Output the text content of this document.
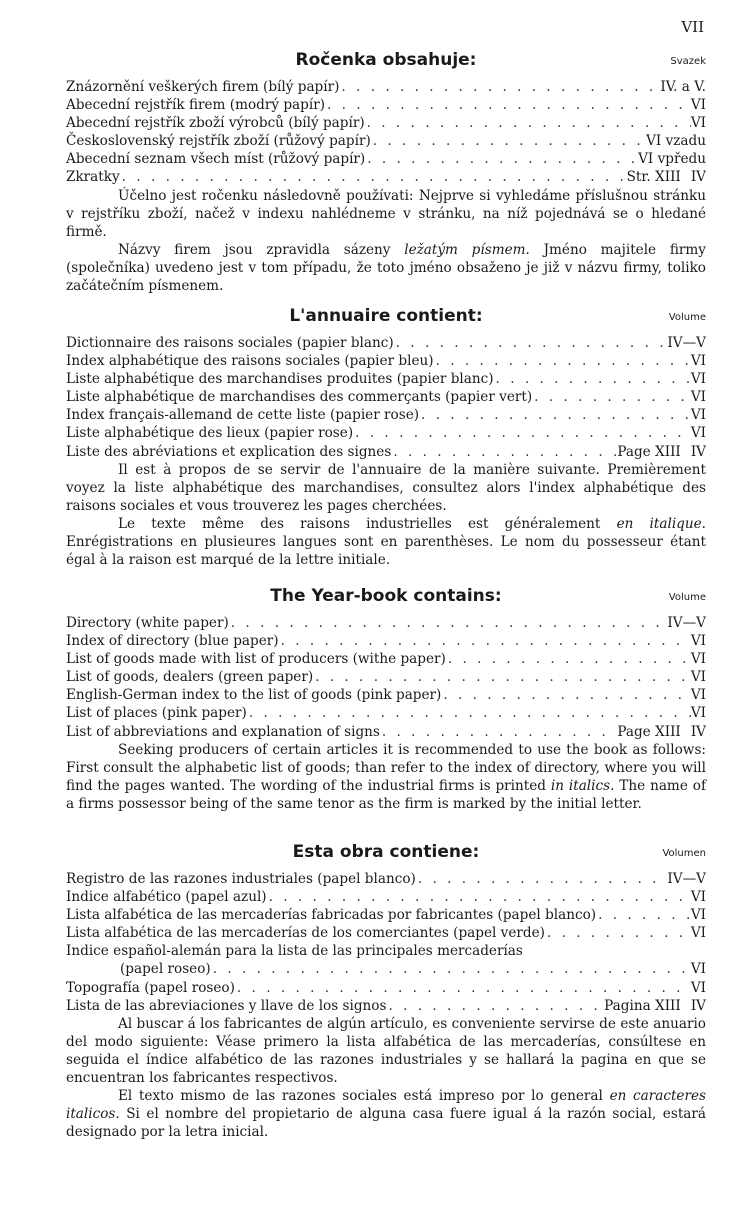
VII
Ročenka obsahuje:	Svazek
Znázornění veškerých firem (bílý papír) . . .	IV. a V.
Abecední rejstřík firem (modrý papír) . . .	VI
Abecední rejstřík zboží výrobců (bílý papír) . . .	VI
Československý rejstřík zboží (růžový papír) . . .	VI vzadu
Abecední seznam všech míst (růžový papír) . . .	VI vpředu
Zkratky . . .	Str. XIII IV

Účelno jest ročenku následovně používati: Nejprve si vyhledáme příslušnou stránku v rejstříku zboží, načež v indexu nahlédneme v stránku, na níž pojednává se o hledané firmě.

Názvy firem jsou zpravidla sázeny ležatým písmem. Jméno majitele firmy (společníka) uvedeno jest v tom případu, že toto jméno obsaženo je již v názvu firmy, toliko začátečním písmenem.

L'annuaire contient:	Volume
Dictionnaire des raisons sociales (papier blanc) . . .	IV—V
Index alphabétique des raisons sociales (papier bleu) . . .	VI
Liste alphabétique des marchandises produites (papier blanc) . . .	VI
Liste alphabétique de marchandises des commerçants (papier vert) . . .	VI
Index français-allemand de cette liste (papier rose) . . .	VI
Liste alphabétique des lieux (papier rose) . . .	VI
Liste des abréviations et explication des signes . . .	Page XIII IV

Il est à propos de se servir de l'annuaire de la manière suivante. Premièrement voyez la liste alphabétique des marchandises, consultez alors l'index alphabétique des raisons sociales et vous trouverez les pages cherchées.

Le texte même des raisons industrielles est généralement en italique. Enrégistrations en plusieures langues sont en parenthèses. Le nom du possesseur étant égal à la raison est marqué de la lettre initiale.

The Year-book contains:	Volume
Directory (white paper) . . .	IV—V
Index of directory (blue paper) . . .	VI
List of goods made with list of producers (withe paper) . . .	VI
List of goods, dealers (green paper) . . .	VI
English-German index to the list of goods (pink paper) . . .	VI
List of places (pink paper) . . .	VI
List of abbreviations and explanation of signs . . .	Page XIII IV

Seeking producers of certain articles it is recommended to use the book as follows: First consult the alphabetic list of goods; than refer to the index of directory, where you will find the pages wanted. The wording of the industrial firms is printed in italics. The name of a firms possessor being of the same tenor as the firm is marked by the initial letter.

Esta obra contiene:	Volumen
Registro de las razones industriales (papel blanco) . . .	IV—V
Indice alfabético (papel azul) . . .	VI
Lista alfabética de las mercaderías fabricadas por fabricantes (papel blanco) . . .	VI
Lista alfabética de las mercaderías de los comerciantes (papel verde) . . .	VI
Indice español-alemán para la lista de las principales mercaderías
(papel roseo) . . .	VI
Topografía (papel roseo) . . .	VI
Lista de las abreviaciones y llave de los signos . . .	Pagina XIII IV

Al buscar á los fabricantes de algún artículo, es conveniente servirse de este anuario del modo siguiente: Véase primero la lista alfabética de las mercaderías, consúltese en seguida el índice alfabético de las razones industriales y se hallará la pagina en que se encuentran los fabricantes respectivos.

El texto mismo de las razones sociales está impreso por lo general en caracteres italicos. Si el nombre del propietario de alguna casa fuere igual á la razón social, estará designado por la letra inicial.
